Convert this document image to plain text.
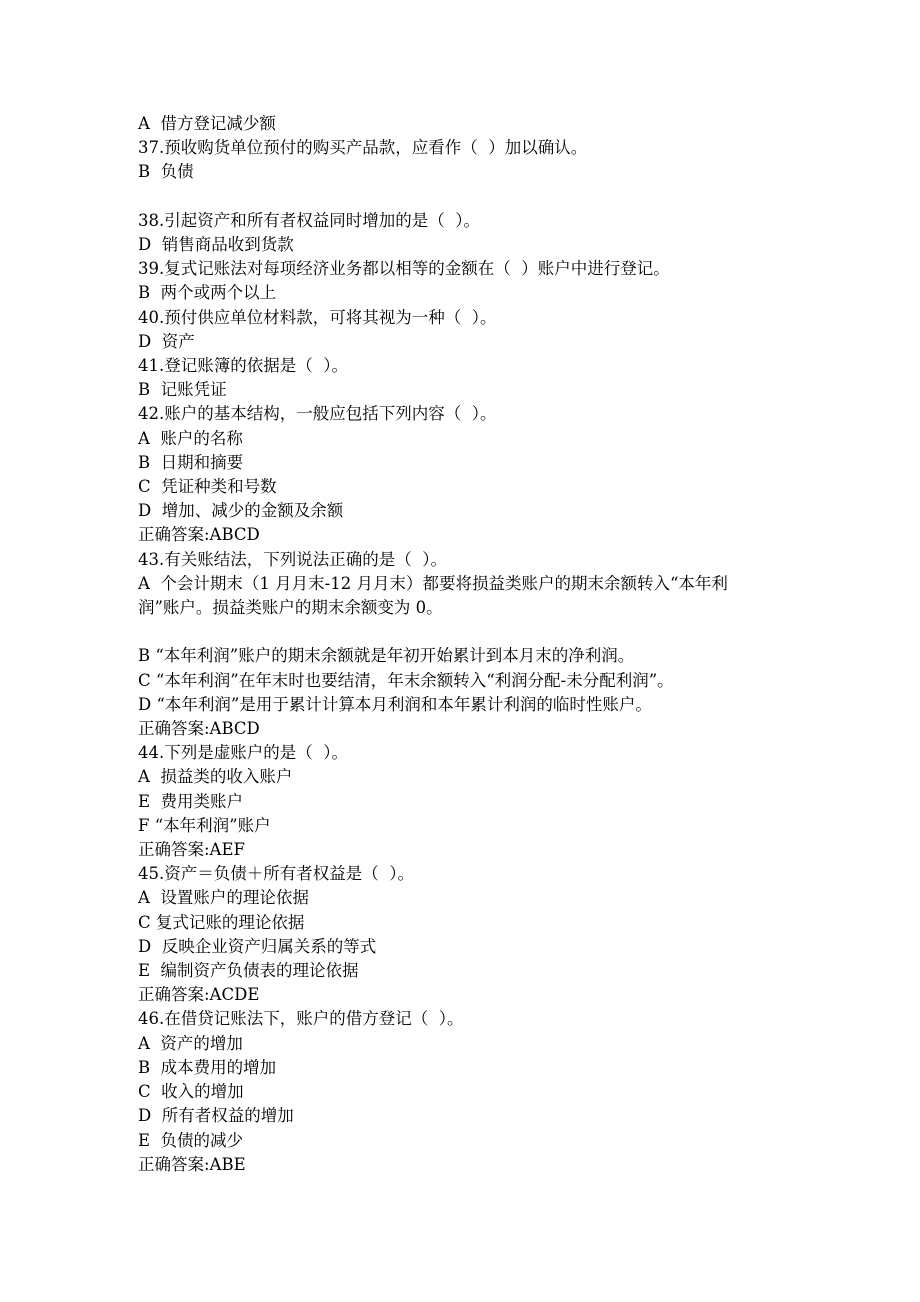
A  借方登记减少额
37.预收购货单位预付的购买产品款，应看作（  ）加以确认。
B  负债
38.引起资产和所有者权益同时增加的是（  ）。
D  销售商品收到货款
39.复式记账法对每项经济业务都以相等的金额在（  ）账户中进行登记。
B  两个或两个以上
40.预付供应单位材料款，可将其视为一种（  ）。
D  资产
41.登记账簿的依据是（  ）。
B  记账凭证
42.账户的基本结构，一般应包括下列内容（  ）。
A  账户的名称
B  日期和摘要
C  凭证种类和号数
D  增加、减少的金额及余额
正确答案:ABCD
43.有关账结法，下列说法正确的是（  ）。
A  个会计期末（1 月月末-12 月月末）都要将损益类账户的期末余额转入“本年利
润”账户。损益类账户的期末余额变为 0。
B “本年利润”账户的期末余额就是年初开始累计到本月末的净利润。
C “本年利润”在年末时也要结清，年末余额转入“利润分配-未分配利润”。
D “本年利润”是用于累计计算本月利润和本年累计利润的临时性账户。
正确答案:ABCD
44.下列是虚账户的是（  ）。
A  损益类的收入账户
E  费用类账户
F “本年利润”账户
正确答案:AEF
45.资产＝负债＋所有者权益是（  ）。
A  设置账户的理论依据
C 复式记账的理论依据
D  反映企业资产归属关系的等式
E  编制资产负债表的理论依据
正确答案:ACDE
46.在借贷记账法下，账户的借方登记（  ）。
A  资产的增加
B  成本费用的增加
C  收入的增加
D  所有者权益的增加
E  负债的减少
正确答案:ABE
